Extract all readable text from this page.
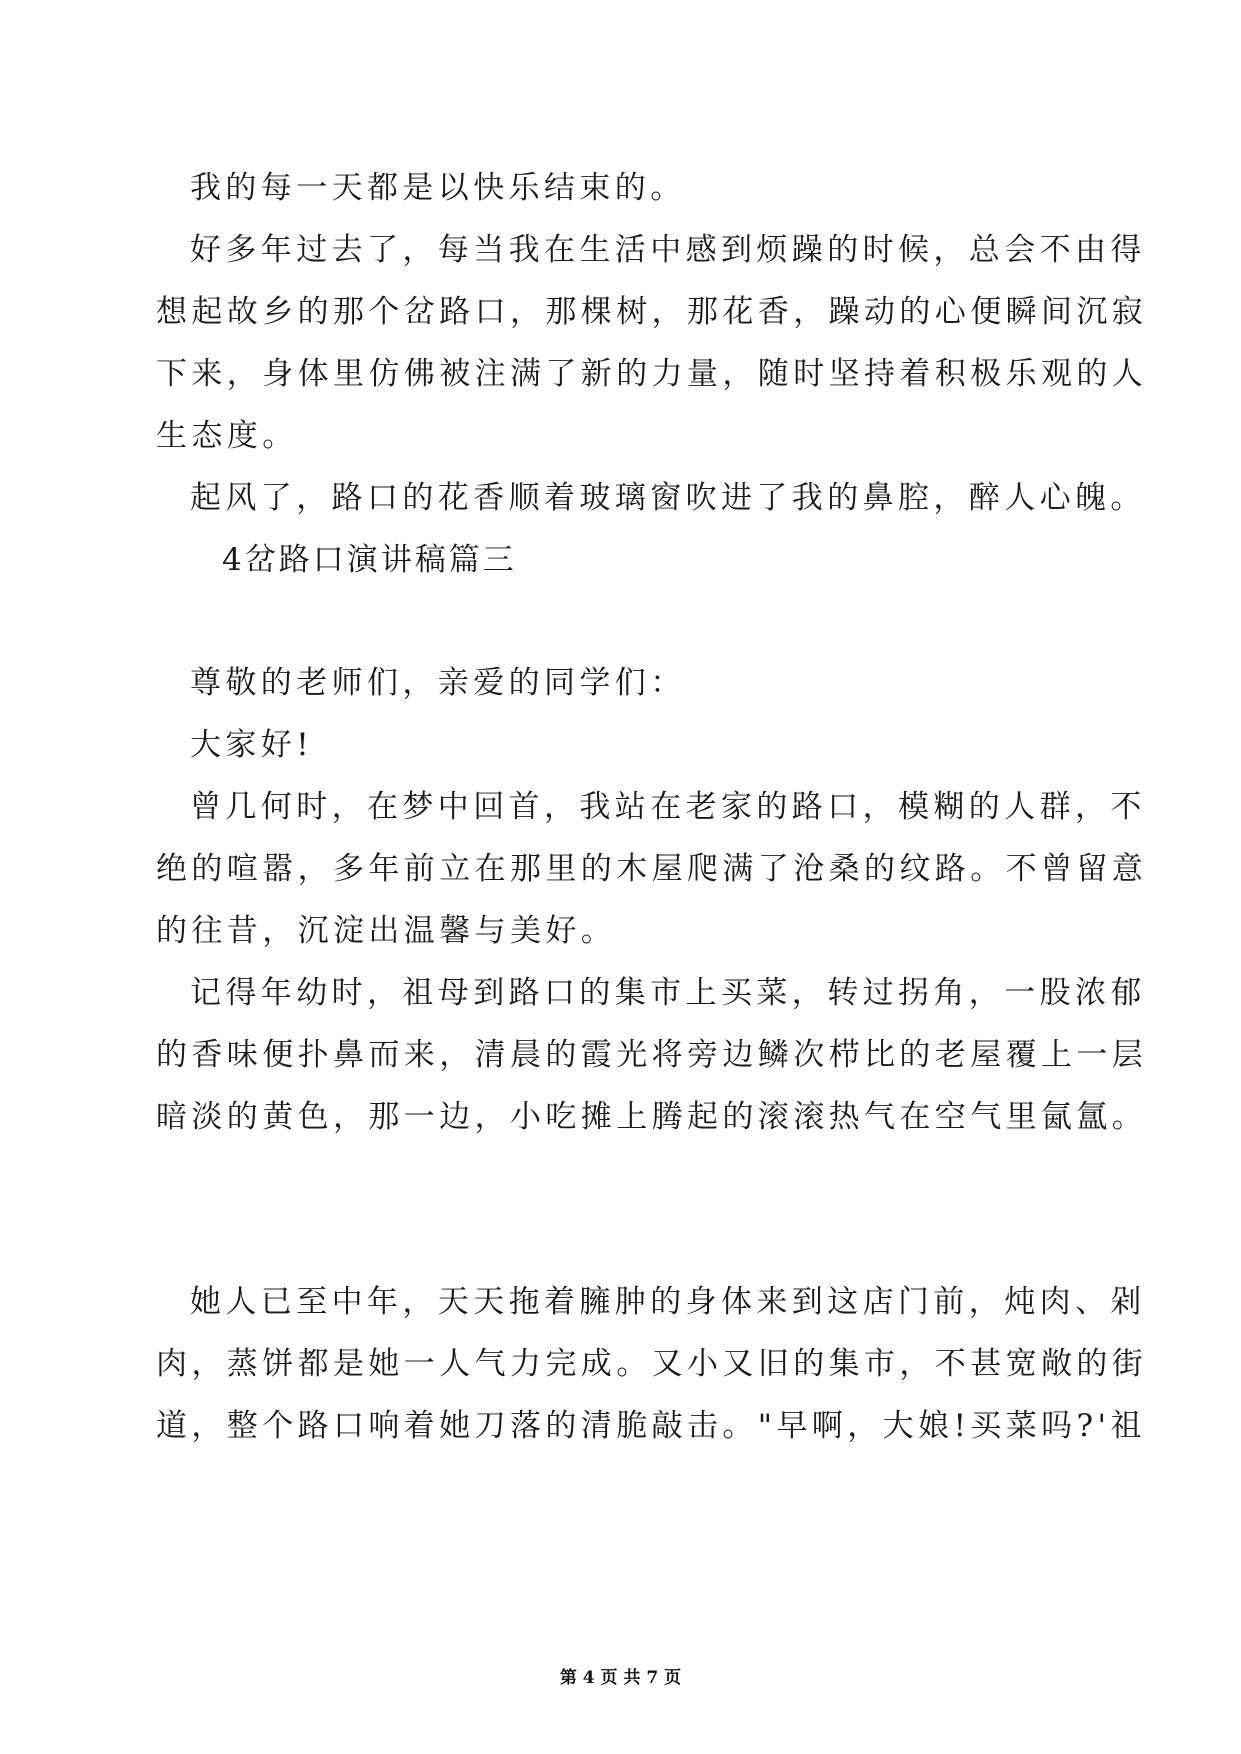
我的每一天都是以快乐结束的。
好多年过去了，每当我在生活中感到烦躁的时候，总会不由得
想起故乡的那个岔路口，那棵树，那花香，躁动的心便瞬间沉寂
下来，身体里仿佛被注满了新的力量，随时坚持着积极乐观的人
生态度。
起风了，路口的花香顺着玻璃窗吹进了我的鼻腔，醉人心魄。
4岔路口演讲稿篇三
尊敬的老师们，亲爱的同学们：
大家好!
曾几何时，在梦中回首，我站在老家的路口，模糊的人群，不
绝的喧嚣，多年前立在那里的木屋爬满了沧桑的纹路。不曾留意
的往昔，沉淀出温馨与美好。
记得年幼时，祖母到路口的集市上买菜，转过拐角，一股浓郁
的香味便扑鼻而来，清晨的霞光将旁边鳞次栉比的老屋覆上一层
暗淡的黄色，那一边，小吃摊上腾起的滚滚热气在空气里氤氲。
她人已至中年，天天拖着臃肿的身体来到这店门前，炖肉、剁
肉，蒸饼都是她一人气力完成。又小又旧的集市，不甚宽敞的街
道，整个路口响着她刀落的清脆敲击。"早啊，大娘!买菜吗?'祖
第 4 页 共 7 页
